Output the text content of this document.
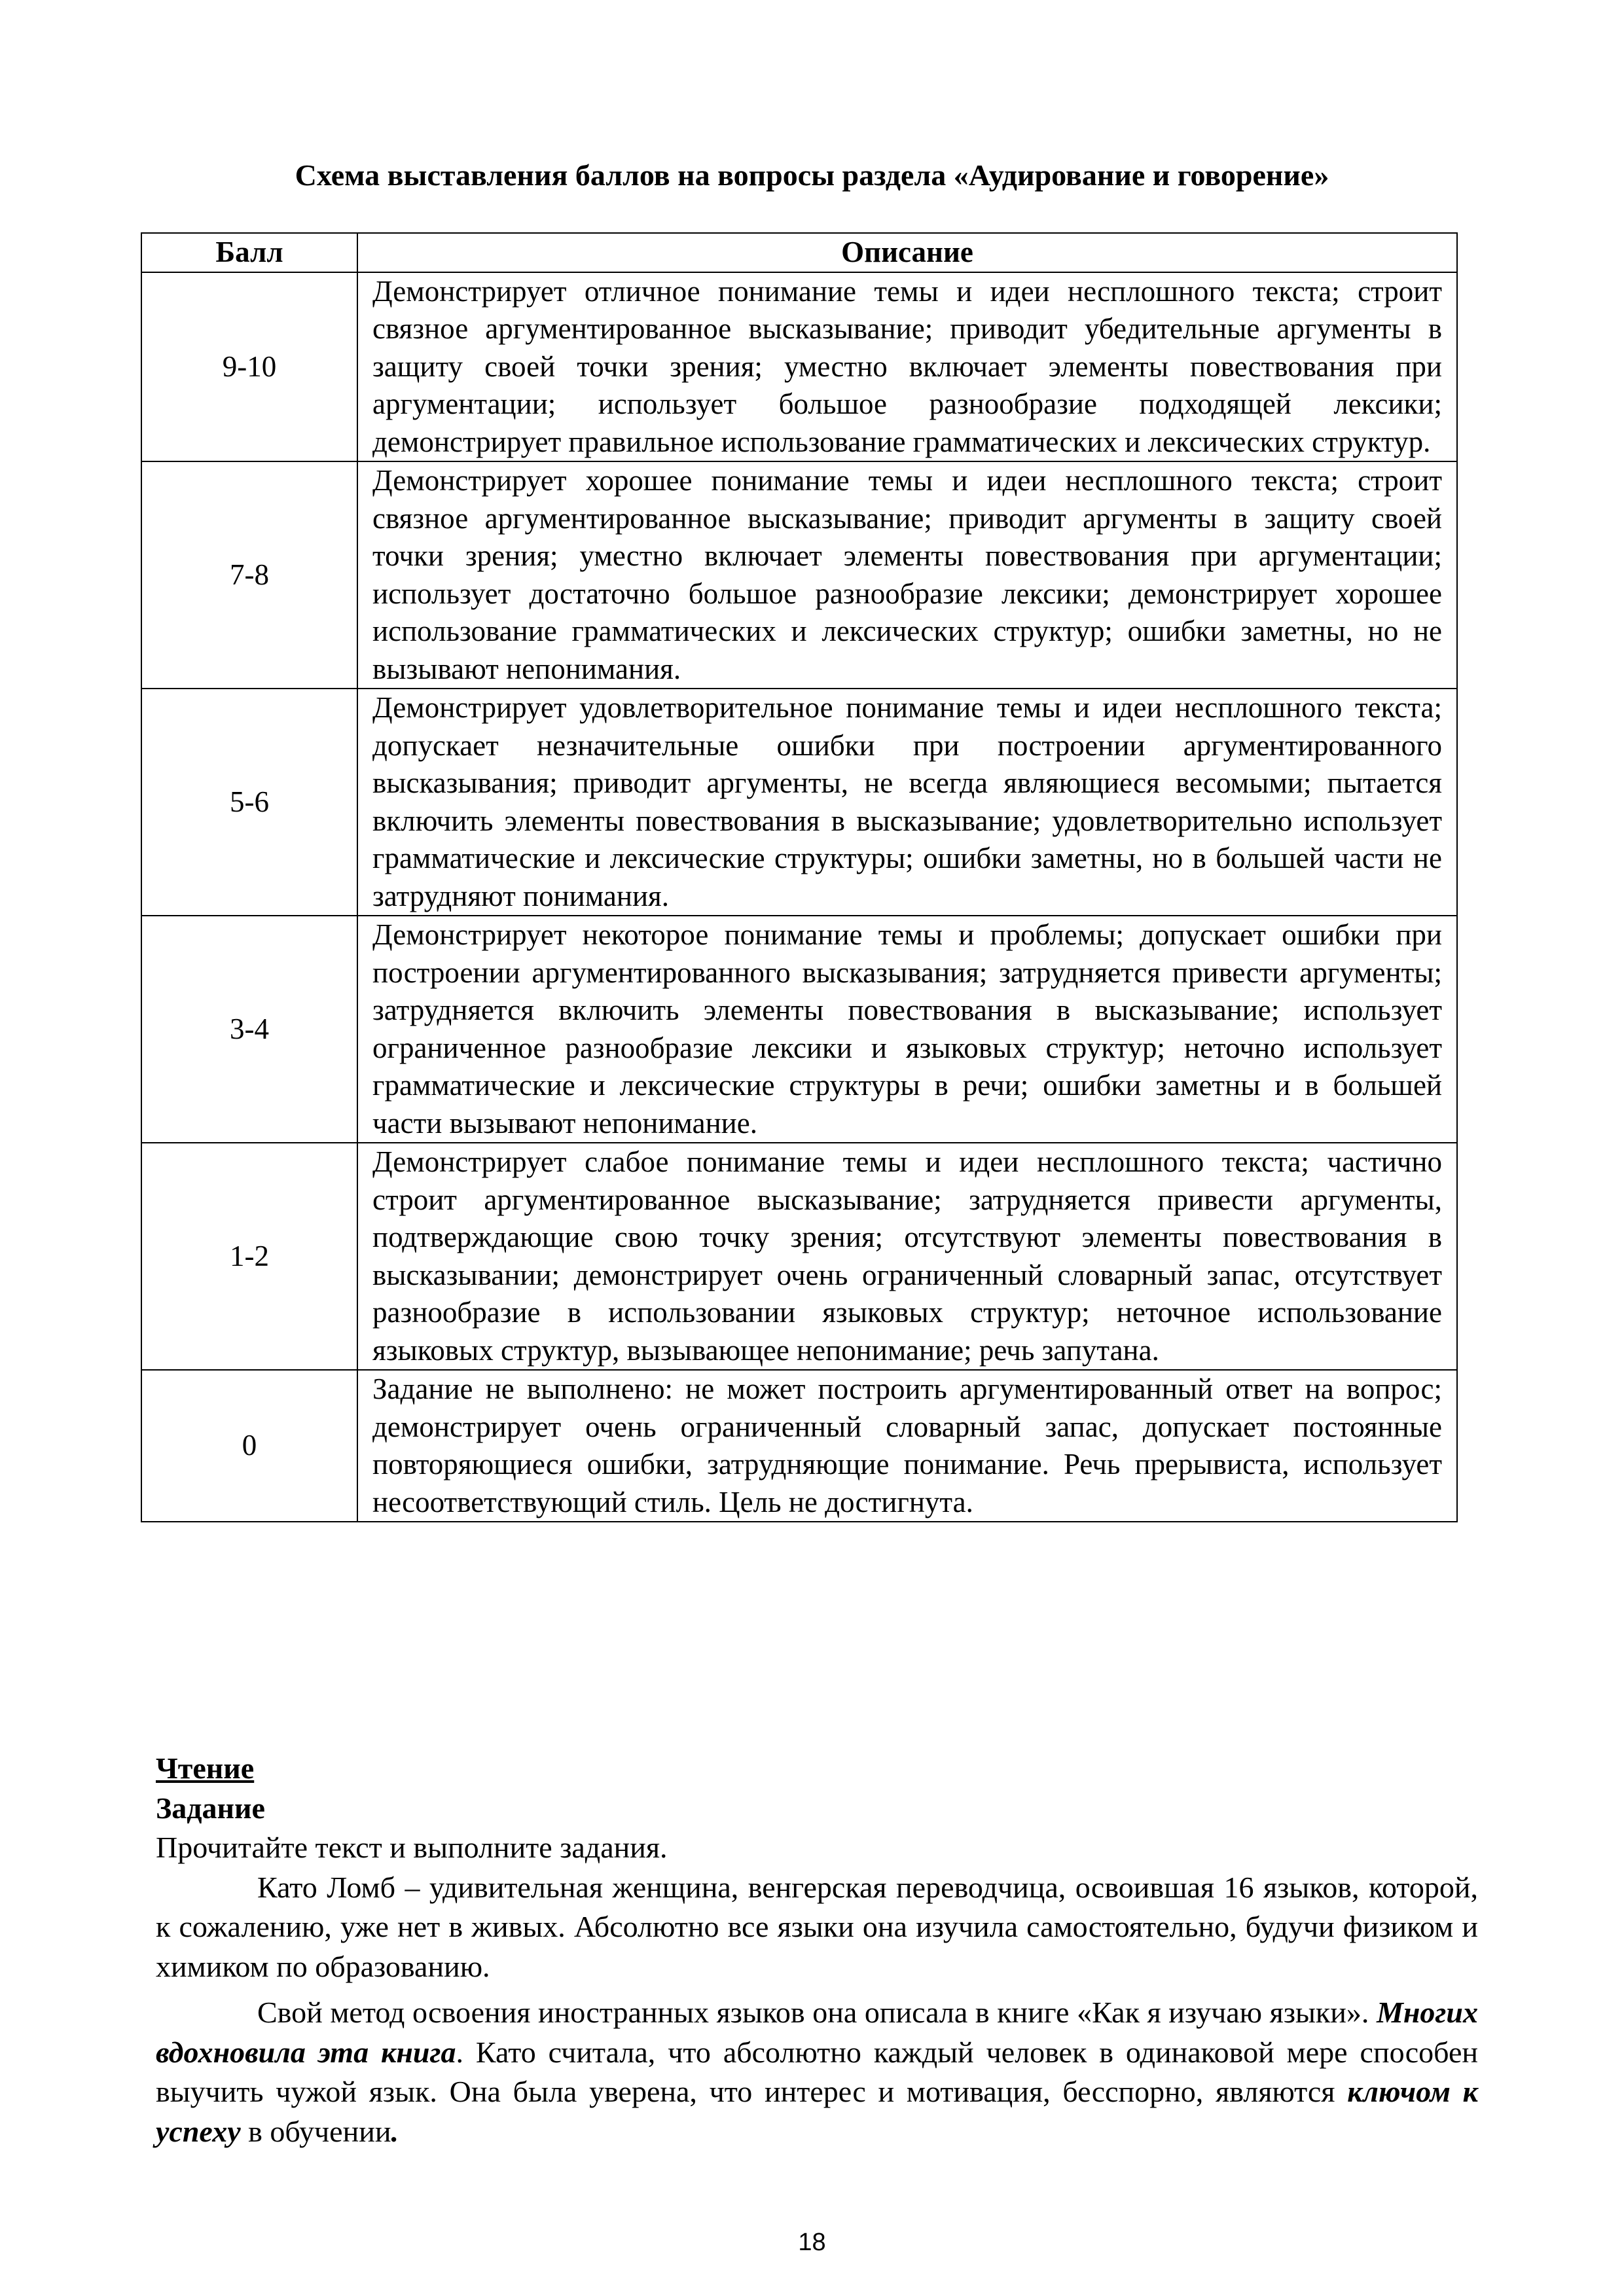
Схема выставления баллов на вопросы раздела «Аудирование и говорение»
Балл	Описание
9-10	Демонстрирует отличное понимание темы и идеи несплошного текста; строит связное аргументированное высказывание; приводит убедительные аргументы в защиту своей точки зрения; уместно включает элементы повествования при аргументации; использует большое разнообразие подходящей лексики; демонстрирует правильное использование грамматических и лексических структур.
7-8	Демонстрирует хорошее понимание темы и идеи несплошного текста; строит связное аргументированное высказывание; приводит аргументы в защиту своей точки зрения; уместно включает элементы повествования при аргументации; использует достаточно большое разнообразие лексики; демонстрирует хорошее использование грамматических и лексических структур; ошибки заметны, но не вызывают непонимания.
5-6	Демонстрирует удовлетворительное понимание темы и идеи несплошного текста; допускает незначительные ошибки при построении аргументированного высказывания; приводит аргументы, не всегда являющиеся весомыми; пытается включить элементы повествования в высказывание; удовлетворительно использует грамматические и лексические структуры; ошибки заметны, но в большей части не затрудняют понимания.
3-4	Демонстрирует некоторое понимание темы и проблемы; допускает ошибки при построении аргументированного высказывания; затрудняется привести аргументы; затрудняется включить элементы повествования в высказывание; использует ограниченное разнообразие лексики и языковых структур; неточно использует грамматические и лексические структуры в речи; ошибки заметны и в большей части вызывают непонимание.
1-2	Демонстрирует слабое понимание темы и идеи несплошного текста; частично строит аргументированное высказывание; затрудняется привести аргументы, подтверждающие свою точку зрения; отсутствуют элементы повествования в высказывании; демонстрирует очень ограниченный словарный запас, отсутствует разнообразие в использовании языковых структур; неточное использование языковых структур, вызывающее непонимание; речь запутана.
0	Задание не выполнено: не может построить аргументированный ответ на вопрос; демонстрирует очень ограниченный словарный запас, допускает постоянные повторяющиеся ошибки, затрудняющие понимание. Речь прерывиста, использует несоответствующий стиль. Цель не достигнута.
Чтение
Задание

Прочитайте текст и выполните задания.

Като Ломб – удивительная женщина, венгерская переводчица, освоившая 16 языков, которой, к сожалению, уже нет в живых. Абсолютно все языки она изучила самостоятельно, будучи физиком и химиком по образованию.

Свой метод освоения иностранных языков она описала в книге «Как я изучаю языки». Многих вдохновила эта книга. Като считала, что абсолютно каждый человек в одинаковой мере способен выучить чужой язык. Она была уверена, что интерес и мотивация, бесспорно, являются ключом к успеху в обучении.

18
